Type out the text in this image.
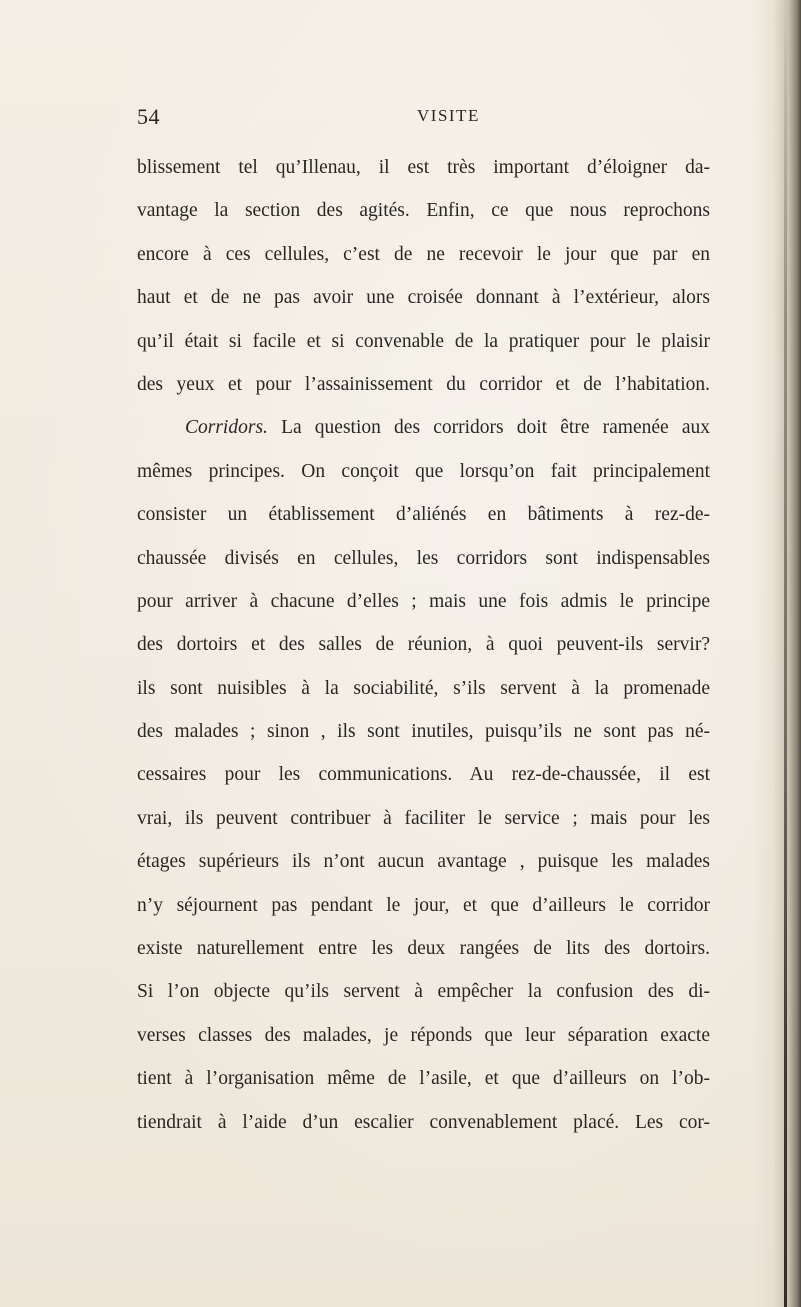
54	VISITE
blissement tel qu’Illenau, il est très important d’éloigner da-
vantage la section des agités. Enfin, ce que nous reprochons
encore à ces cellules, c’est de ne recevoir le jour que par en
haut et de ne pas avoir une croisée donnant à l’extérieur, alors
qu’il était si facile et si convenable de la pratiquer pour le plaisir
des yeux et pour l’assainissement du corridor et de l’habitation.
Corridors. La question des corridors doit être ramenée aux
mêmes principes. On conçoit que lorsqu’on fait principalement
consister un établissement d’aliénés en bâtiments à rez-de-
chaussée divisés en cellules, les corridors sont indispensables
pour arriver à chacune d’elles ; mais une fois admis le principe
des dortoirs et des salles de réunion, à quoi peuvent-ils servir?
ils sont nuisibles à la sociabilité, s’ils servent à la promenade
des malades ; sinon , ils sont inutiles, puisqu’ils ne sont pas né-
cessaires pour les communications. Au rez-de-chaussée, il est
vrai, ils peuvent contribuer à faciliter le service ; mais pour les
étages supérieurs ils n’ont aucun avantage , puisque les malades
n’y séjournent pas pendant le jour, et que d’ailleurs le corridor
existe naturellement entre les deux rangées de lits des dortoirs.
Si l’on objecte qu’ils servent à empêcher la confusion des di-
verses classes des malades, je réponds que leur séparation exacte
tient à l’organisation même de l’asile, et que d’ailleurs on l’ob-
tiendrait à l’aide d’un escalier convenablement placé. Les cor-
